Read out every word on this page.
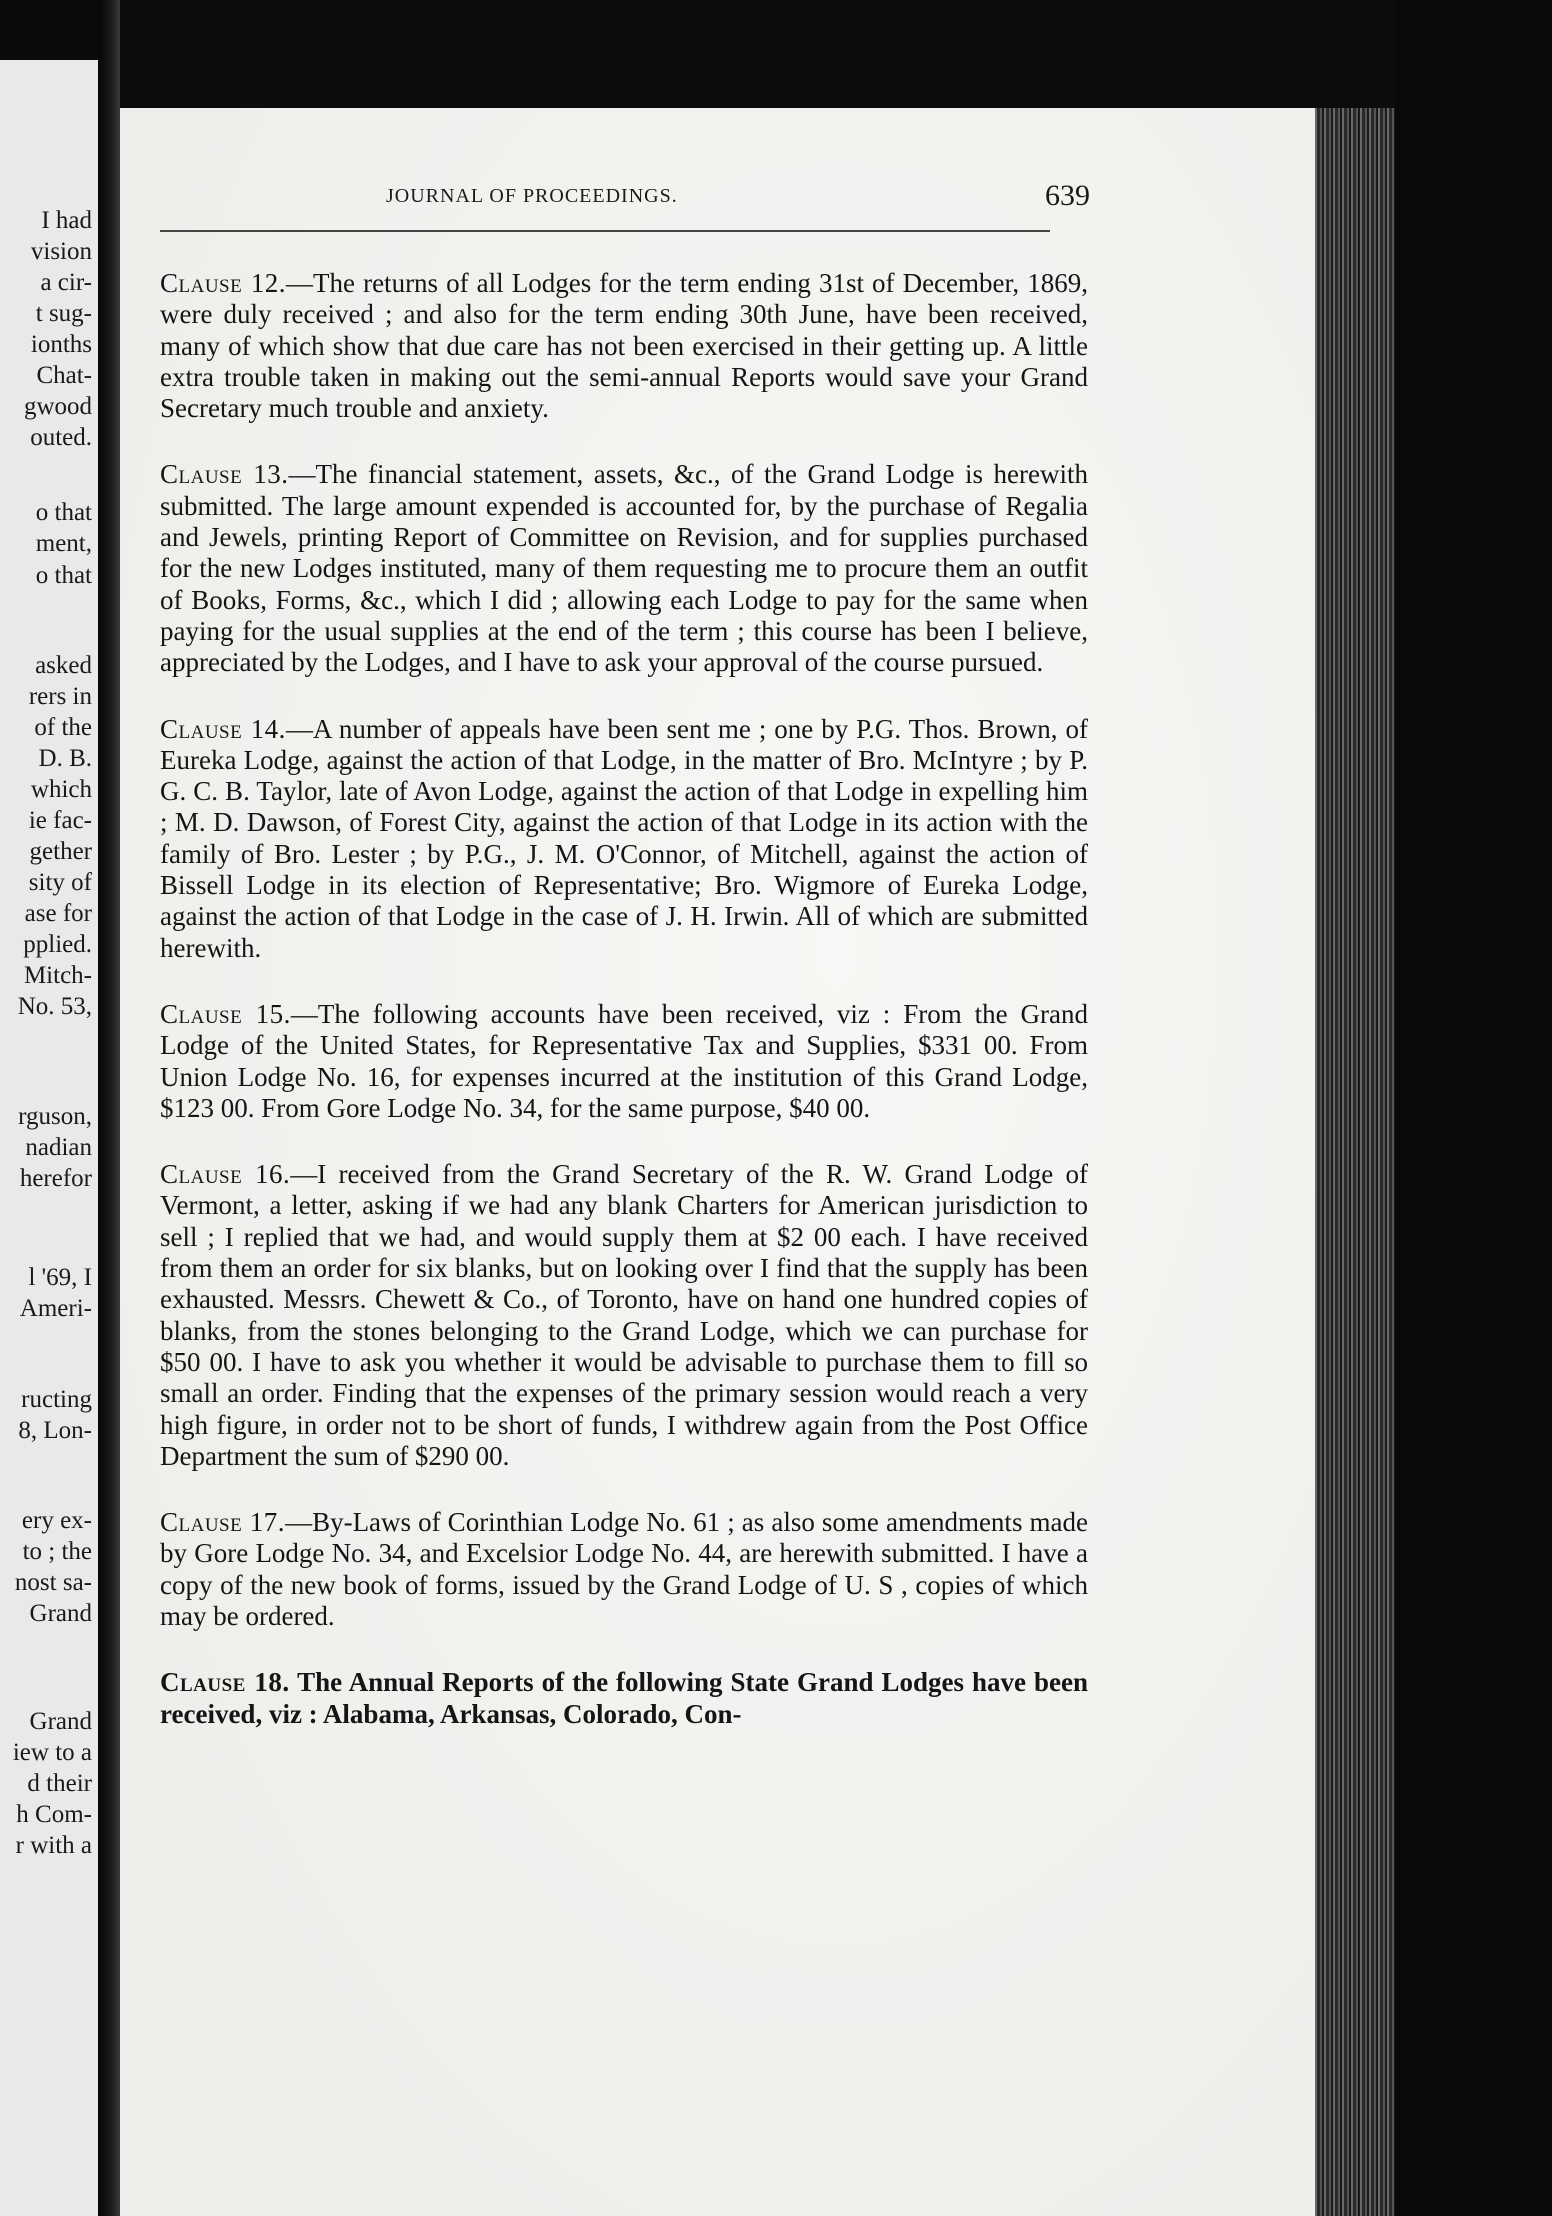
I had
vision
a cir-
t sug-
ionths
Chat-
gwood
outed.
o that
ment,
o that
asked
rers in
of the
D. B.
which
ie fac-
gether
sity of
ase for
pplied.
Mitch-
No. 53,
rguson,
nadian
herefor
l '69, I
Ameri-
ructing
8, Lon-
ery ex-
to ; the
nost sa-
Grand
Grand
iew to a
d their
h Com-
r with a
JOURNAL OF PROCEEDINGS.	639

Clause 12.—The returns of all Lodges for the term ending 31st of December, 1869, were duly received ; and also for the term ending 30th June, have been received, many of which show that due care has not been exercised in their getting up. A little extra trouble taken in making out the semi-annual Reports would save your Grand Secretary much trouble and anxiety.

Clause 13.—The financial statement, assets, &c., of the Grand Lodge is herewith submitted. The large amount expended is accounted for, by the purchase of Regalia and Jewels, printing Report of Committee on Revision, and for supplies purchased for the new Lodges instituted, many of them requesting me to procure them an outfit of Books, Forms, &c., which I did ; allowing each Lodge to pay for the same when paying for the usual supplies at the end of the term ; this course has been I believe, appreciated by the Lodges, and I have to ask your approval of the course pursued.

Clause 14.—A number of appeals have been sent me ; one by P.G. Thos. Brown, of Eureka Lodge, against the action of that Lodge, in the matter of Bro. McIntyre ; by P. G. C. B. Taylor, late of Avon Lodge, against the action of that Lodge in expelling him ; M. D. Dawson, of Forest City, against the action of that Lodge in its action with the family of Bro. Lester ; by P.G., J. M. O'Connor, of Mitchell, against the action of Bissell Lodge in its election of Representative; Bro. Wigmore of Eureka Lodge, against the action of that Lodge in the case of J. H. Irwin. All of which are submitted herewith.

Clause 15.—The following accounts have been received, viz : From the Grand Lodge of the United States, for Representative Tax and Supplies, $331 00. From Union Lodge No. 16, for expenses incurred at the institution of this Grand Lodge, $123 00. From Gore Lodge No. 34, for the same purpose, $40 00.

Clause 16.—I received from the Grand Secretary of the R. W. Grand Lodge of Vermont, a letter, asking if we had any blank Charters for American jurisdiction to sell ; I replied that we had, and would supply them at $2 00 each. I have received from them an order for six blanks, but on looking over I find that the supply has been exhausted. Messrs. Chewett & Co., of Toronto, have on hand one hundred copies of blanks, from the stones belonging to the Grand Lodge, which we can purchase for $50 00. I have to ask you whether it would be advisable to purchase them to fill so small an order. Finding that the expenses of the primary session would reach a very high figure, in order not to be short of funds, I withdrew again from the Post Office Department the sum of $290 00.

Clause 17.—By-Laws of Corinthian Lodge No. 61 ; as also some amendments made by Gore Lodge No. 34, and Excelsior Lodge No. 44, are herewith submitted. I have a copy of the new book of forms, issued by the Grand Lodge of U. S , copies of which may be ordered.

Clause 18. The Annual Reports of the following State Grand Lodges have been received, viz : Alabama, Arkansas, Colorado, Con-
